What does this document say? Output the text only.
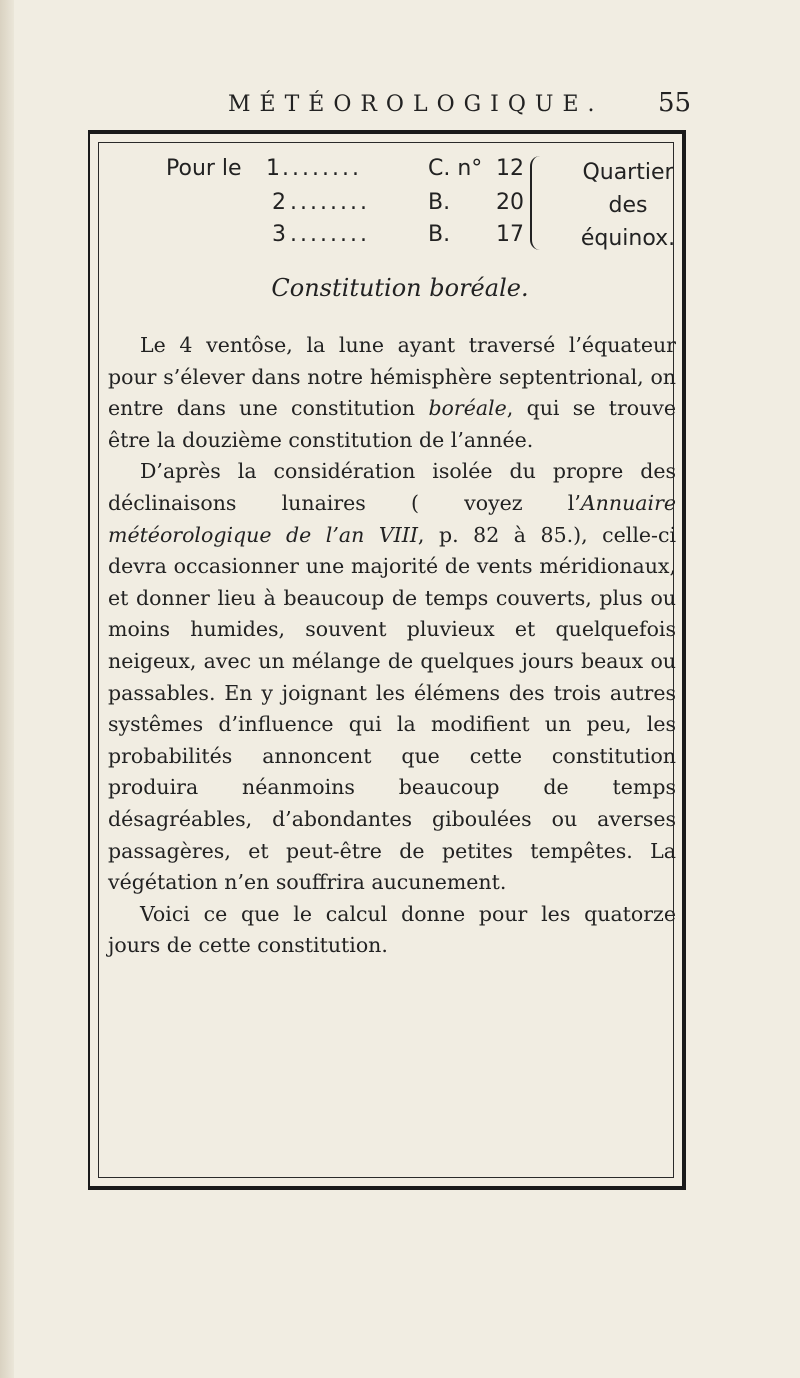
MÉTÉOROLOGIQUE. 55
Pour le 1 ........	C. n° 12
2 ........	B. 20
3 ........	B. 17
Quartier
des
équinox.
Constitution boréale.

Le 4 ventôse, la lune ayant traversé l’équateur pour s’élever dans notre hémisphère septentrional, on entre dans une constitution boréale, qui se trouve être la douzième constitution de l’année.

D’après la considération isolée du propre des déclinaisons lunaires ( voyez l’Annuaire météorologique de l’an VIII, p. 82 à 85.), celle-ci devra occasionner une majorité de vents méridionaux, et donner lieu à beaucoup de temps couverts, plus ou moins humides, souvent pluvieux et quelquefois neigeux, avec un mélange de quelques jours beaux ou passables. En y joignant les élémens des trois autres systêmes d’influence qui la modifient un peu, les probabilités annoncent que cette constitution produira néanmoins beaucoup de temps désagréables, d’abondantes giboulées ou averses passagères, et peut-être de petites tempêtes. La végétation n’en souffrira aucunement.

Voici ce que le calcul donne pour les quatorze jours de cette constitution.
